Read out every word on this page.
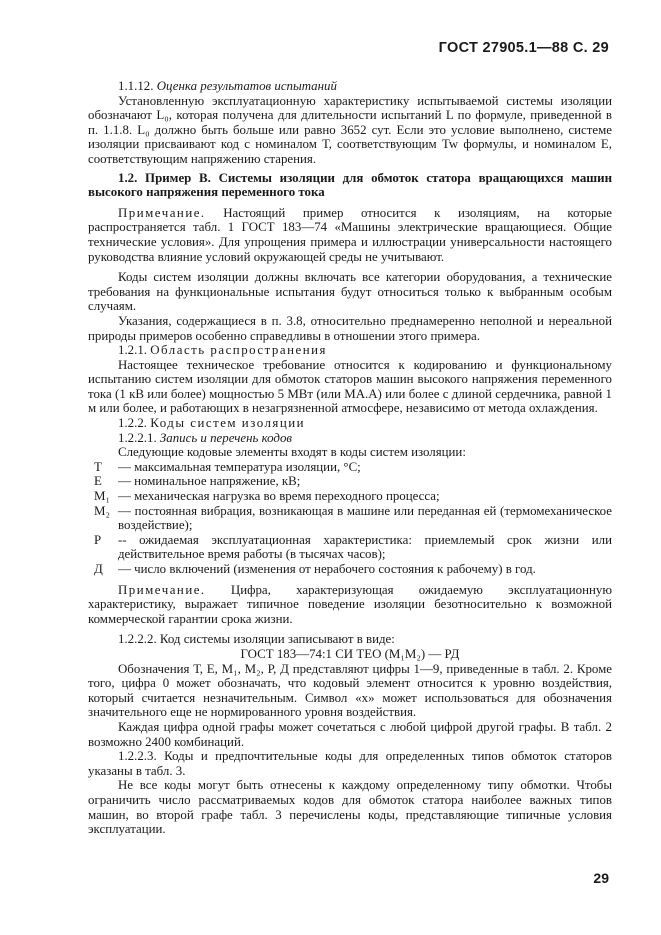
ГОСТ 27905.1—88 С. 29

1.1.12. Оценка результатов испытаний

Установленную эксплуатационную характеристику испытываемой системы изоляции обозначают L₀, которая получена для длительности испытаний L по формуле, приведенной в п. 1.1.8. L₀ должно быть больше или равно 3652 сут. Если это условие выполнено, системе изоляции присваивают код с номиналом Т, соответствующим Tw формулы, и номиналом Е, соответствующим напряжению старения.

1.2. Пример В. Системы изоляции для обмоток статора вращающихся машин высокого напряжения переменного тока

Примечание. Настоящий пример относится к изоляциям, на которые распространяется табл. 1 ГОСТ 183—74 «Машины электрические вращающиеся. Общие технические условия». Для упрощения примера и иллюстрации универсальности настоящего руководства влияние условий окружающей среды не учитывают.

Коды систем изоляции должны включать все категории оборудования, а технические требования на функциональные испытания будут относиться только к выбранным особым случаям.

Указания, содержащиеся в п. 3.8, относительно преднамеренно неполной и нереальной природы примеров особенно справедливы в отношении этого примера.

1.2.1. Область распространения

Настоящее техническое требование относится к кодированию и функциональному испытанию систем изоляции для обмоток статоров машин высокого напряжения переменного тока (1 кВ или более) мощностью 5 МВт (или МА.А) или более с длиной сердечника, равной 1 м или более, и работающих в незагрязненной атмосфере, независимо от метода охлаждения.

1.2.2. Коды систем изоляции

1.2.2.1. Запись и перечень кодов

Следующие кодовые элементы входят в коды систем изоляции:

Т	— максимальная температура изоляции, °С;
Е	— номинальное напряжение, кВ;
M₁ — механическая нагрузка во время переходного процесса;
M₂ — постоянная вибрация, возникающая в машине или переданная ей (термомеханическое воздействие);
Р	-- ожидаемая эксплуатационная характеристика: приемлемый срок жизни или действительное время работы (в тысячах часов);
Д	— число включений (изменения от нерабочего состояния к рабочему) в год.

Примечание. Цифра, характеризующая ожидаемую эксплуатационную характеристику, выражает типичное поведение изоляции безотносительно к возможной коммерческой гарантии срока жизни.

1.2.2.2. Код системы изоляции записывают в виде:

ГОСТ 183—74:1 СИ ТЕО (M₁M₂) — РД

Обозначения Т, Е, M₁, M₂, Р, Д представляют цифры 1—9, приведенные в табл. 2. Кроме того, цифра 0 может обозначать, что кодовый элемент относится к уровню воздействия, который считается незначительным. Символ «х» может использоваться для обозначения значительного еще не нормированного уровня воздействия.

Каждая цифра одной графы может сочетаться с любой цифрой другой графы. В табл. 2 возможно 2400 комбинаций.

1.2.2.3. Коды и предпочтительные коды для определенных типов обмоток статоров указаны в табл. 3.

Не все коды могут быть отнесены к каждому определенному типу обмотки. Чтобы ограничить число рассматриваемых кодов для обмоток статора наиболее важных типов машин, во второй графе табл. 3 перечислены коды, представляющие типичные условия эксплуатации.

29
